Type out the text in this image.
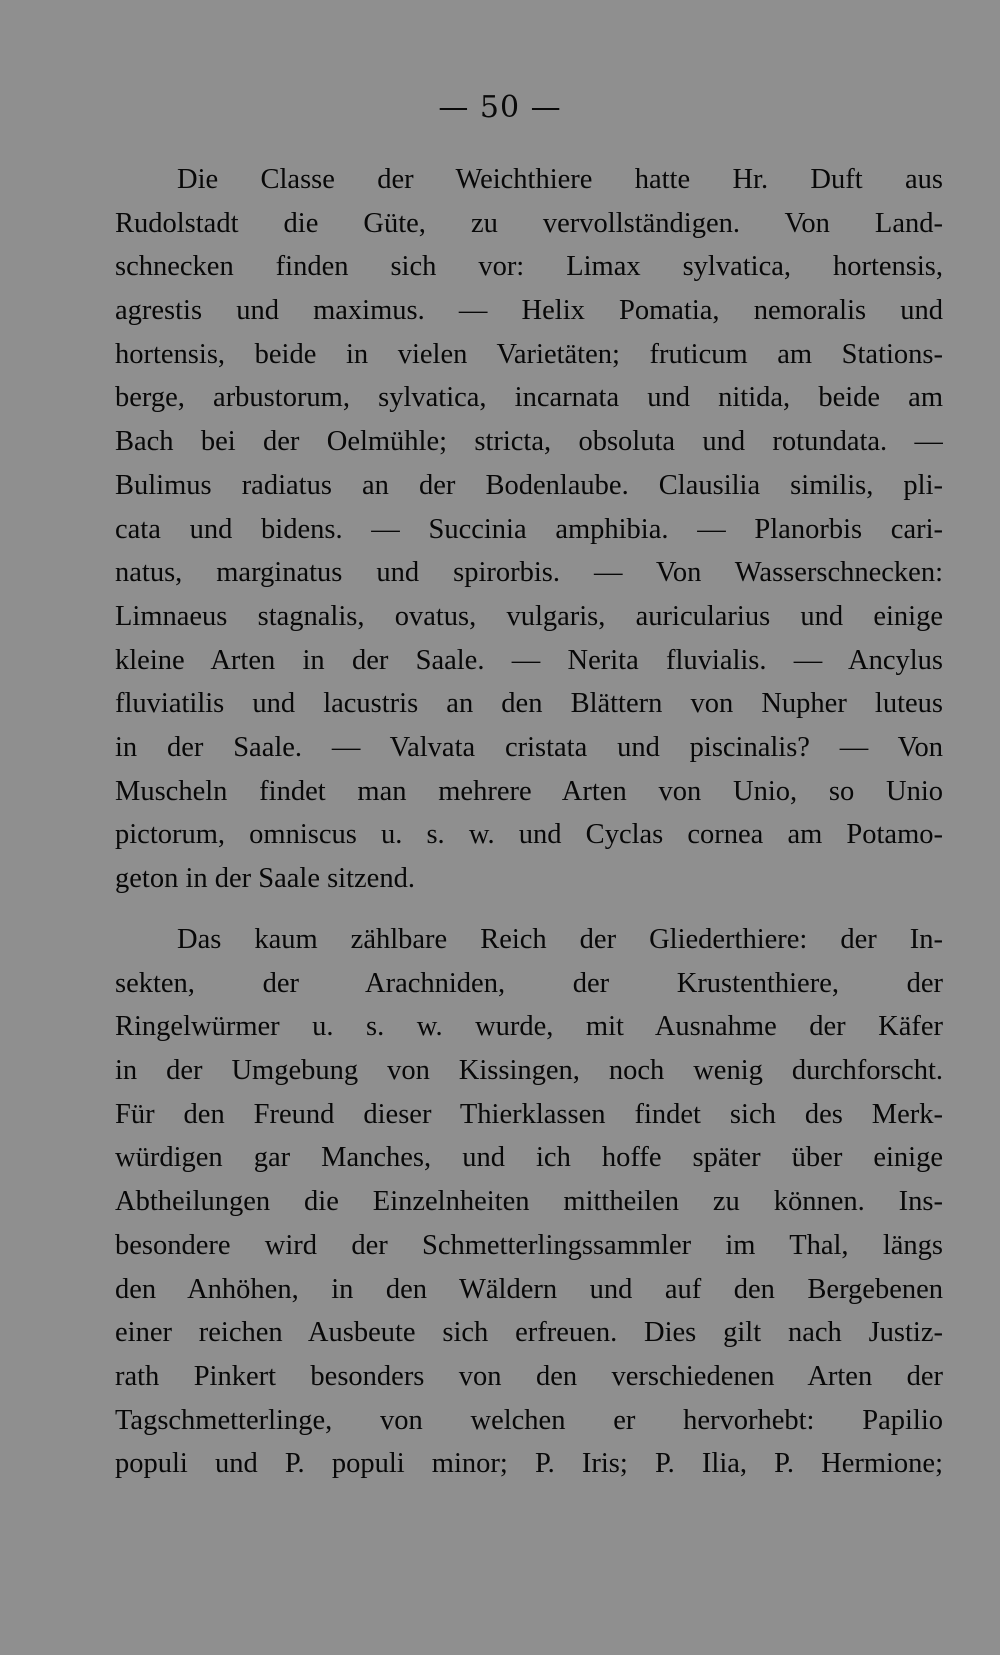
— 50 —
Die Classe der Weichthiere hatte Hr. Duft aus
Rudolstadt die Güte, zu vervollständigen. Von Land-
schnecken finden sich vor: Limax sylvatica, hortensis,
agrestis und maximus. — Helix Pomatia, nemoralis und
hortensis, beide in vielen Varietäten; fruticum am Stations-
berge, arbustorum, sylvatica, incarnata und nitida, beide am
Bach bei der Oelmühle; stricta, obsoluta und rotundata. —
Bulimus radiatus an der Bodenlaube. Clausilia similis, pli-
cata und bidens. — Succinia amphibia. — Planorbis cari-
natus, marginatus und spirorbis. — Von Wasserschnecken:
Limnaeus stagnalis, ovatus, vulgaris, auricularius und einige
kleine Arten in der Saale. — Nerita fluvialis. — Ancylus
fluviatilis und lacustris an den Blättern von Nupher luteus
in der Saale. — Valvata cristata und piscinalis? — Von
Muscheln findet man mehrere Arten von Unio, so Unio
pictorum, omniscus u. s. w. und Cyclas cornea am Potamo-
geton in der Saale sitzend.
Das kaum zählbare Reich der Gliederthiere: der In-
sekten, der Arachniden, der Krustenthiere, der
Ringelwürmer u. s. w. wurde, mit Ausnahme der Käfer
in der Umgebung von Kissingen, noch wenig durchforscht.
Für den Freund dieser Thierklassen findet sich des Merk-
würdigen gar Manches, und ich hoffe später über einige
Abtheilungen die Einzelnheiten mittheilen zu können. Ins-
besondere wird der Schmetterlingssammler im Thal, längs
den Anhöhen, in den Wäldern und auf den Bergebenen
einer reichen Ausbeute sich erfreuen. Dies gilt nach Justiz-
rath Pinkert besonders von den verschiedenen Arten der
Tagschmetterlinge, von welchen er hervorhebt: Papilio
populi und P. populi minor; P. Iris; P. Ilia, P. Hermione;
